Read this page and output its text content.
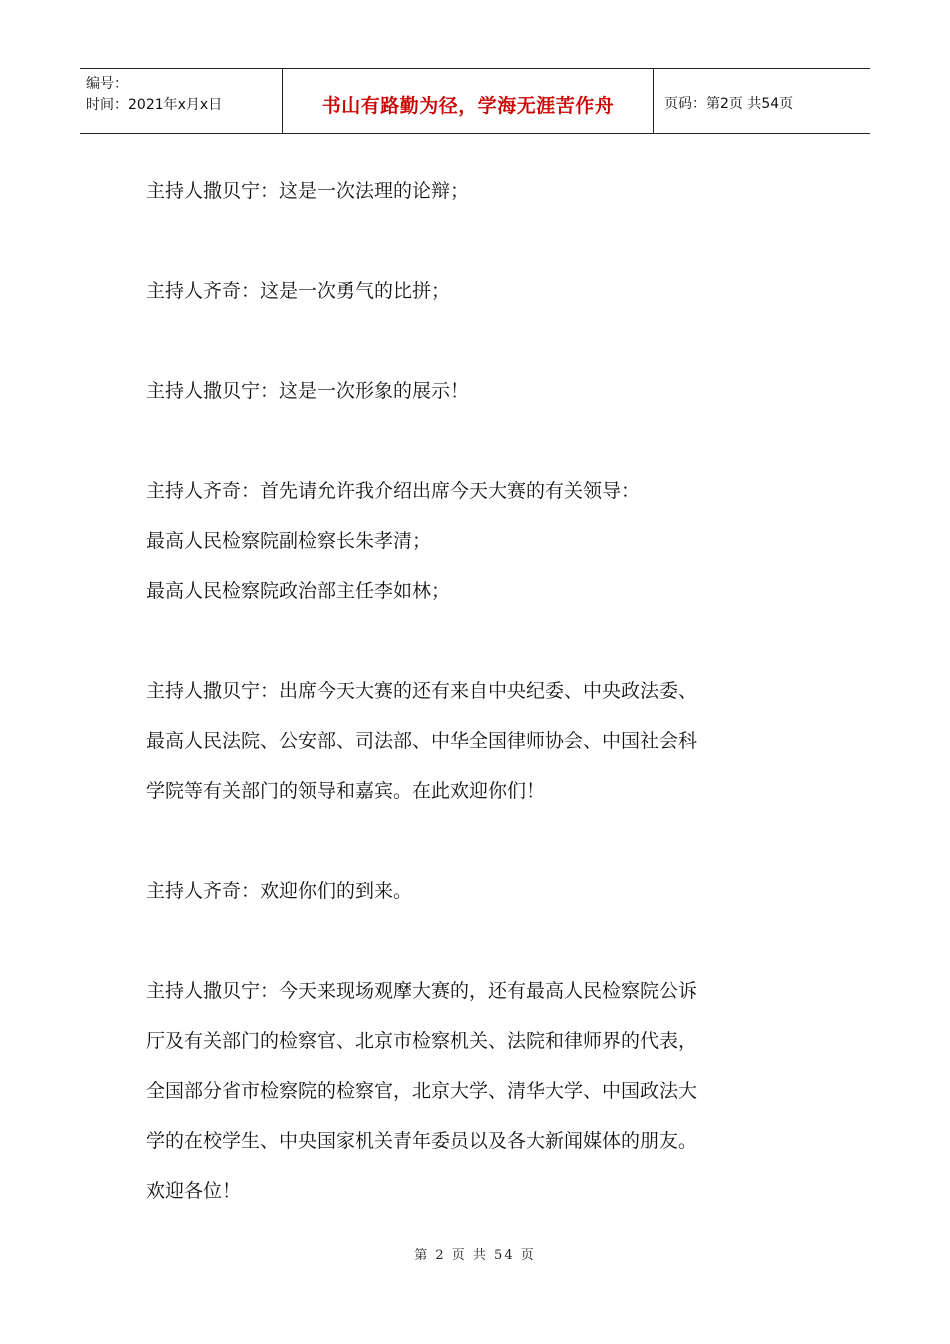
编号：
时间：2021年x月x日	书山有路勤为径，学海无涯苦作舟	页码：第2页 共54页
主持人撒贝宁：这是一次法理的论辩；
主持人齐奇：这是一次勇气的比拼；
主持人撒贝宁：这是一次形象的展示！
主持人齐奇：首先请允许我介绍出席今天大赛的有关领导：
最高人民检察院副检察长朱孝清；
最高人民检察院政治部主任李如林；
主持人撒贝宁：出席今天大赛的还有来自中央纪委、中央政法委、
最高人民法院、公安部、司法部、中华全国律师协会、中国社会科
学院等有关部门的领导和嘉宾。在此欢迎你们！
主持人齐奇：欢迎你们的到来。
主持人撒贝宁：今天来现场观摩大赛的，还有最高人民检察院公诉
厅及有关部门的检察官、北京市检察机关、法院和律师界的代表，
全国部分省市检察院的检察官，北京大学、清华大学、中国政法大
学的在校学生、中央国家机关青年委员以及各大新闻媒体的朋友。
欢迎各位！
第 2 页 共 54 页
